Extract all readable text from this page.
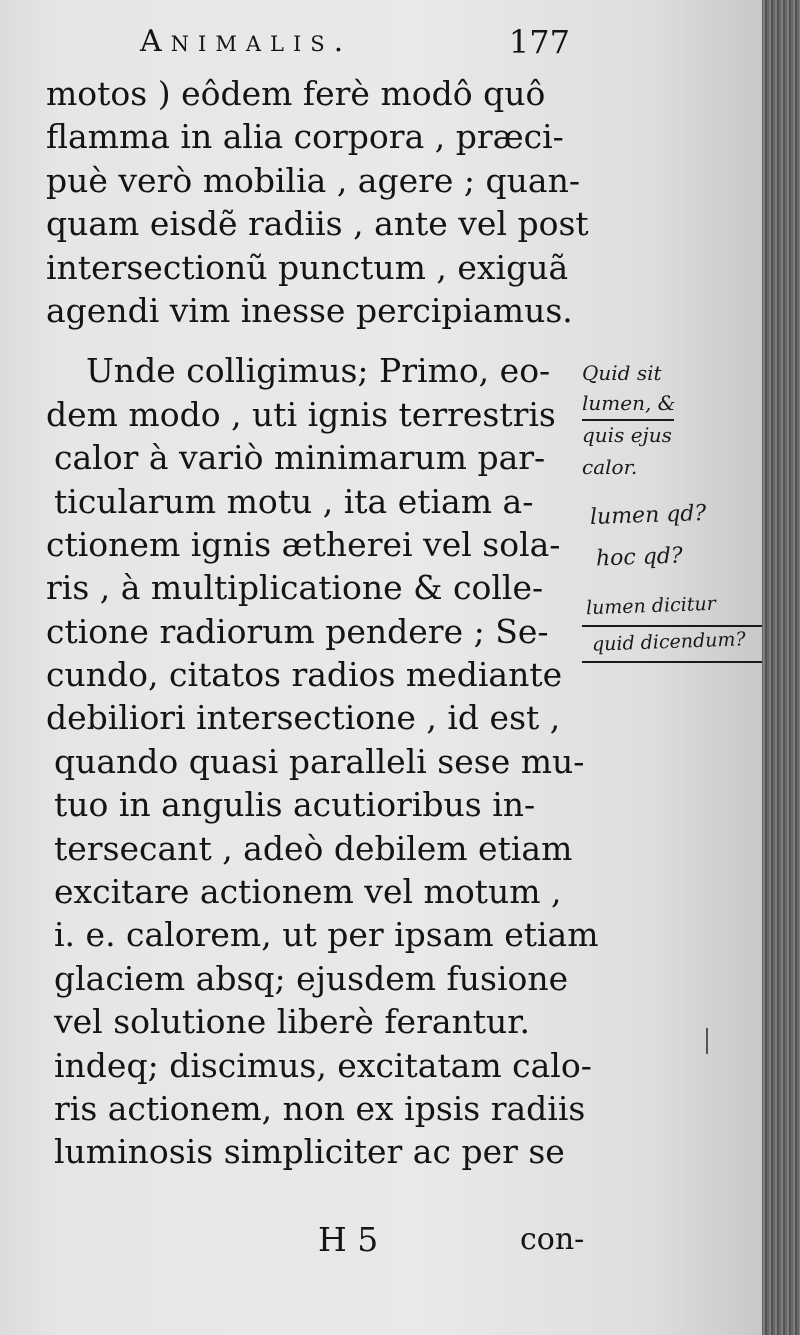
Animalis.	177
motos ) eôdem ferè modô quô
flamma in alia corpora , præci-
puè verò mobilia , agere ; quan-
quam eisdẽ radiis , ante vel post
intersectionũ punctum , exiguã
agendi vim inesse percipiamus.
Unde colligimus; Primo, eo-
dem modo , uti ignis terrestris
calor à variò minimarum par-
ticularum motu , ita etiam a-
ctionem ignis ætherei vel sola-
ris , à multiplicatione & colle-
ctione radiorum pendere ; Se-
cundo, citatos radios mediante
debiliori intersectione , id est ,
quando quasi paralleli sese mu-
tuo in angulis acutioribus in-
tersecant , adeò debilem etiam
excitare actionem vel motum ,
i. e. calorem, ut per ipsam etiam
glaciem absq; ejusdem fusione
vel solutione liberè ferantur.
indeq; discimus, excitatam calo-
ris actionem, non ex ipsis radiis
luminosis simpliciter ac per se
Quid sit
lumen, &
quis ejus
calor.
lumen qd?
hoc qd?
lumen dicitur
quid dicendum?
H 5	con-
